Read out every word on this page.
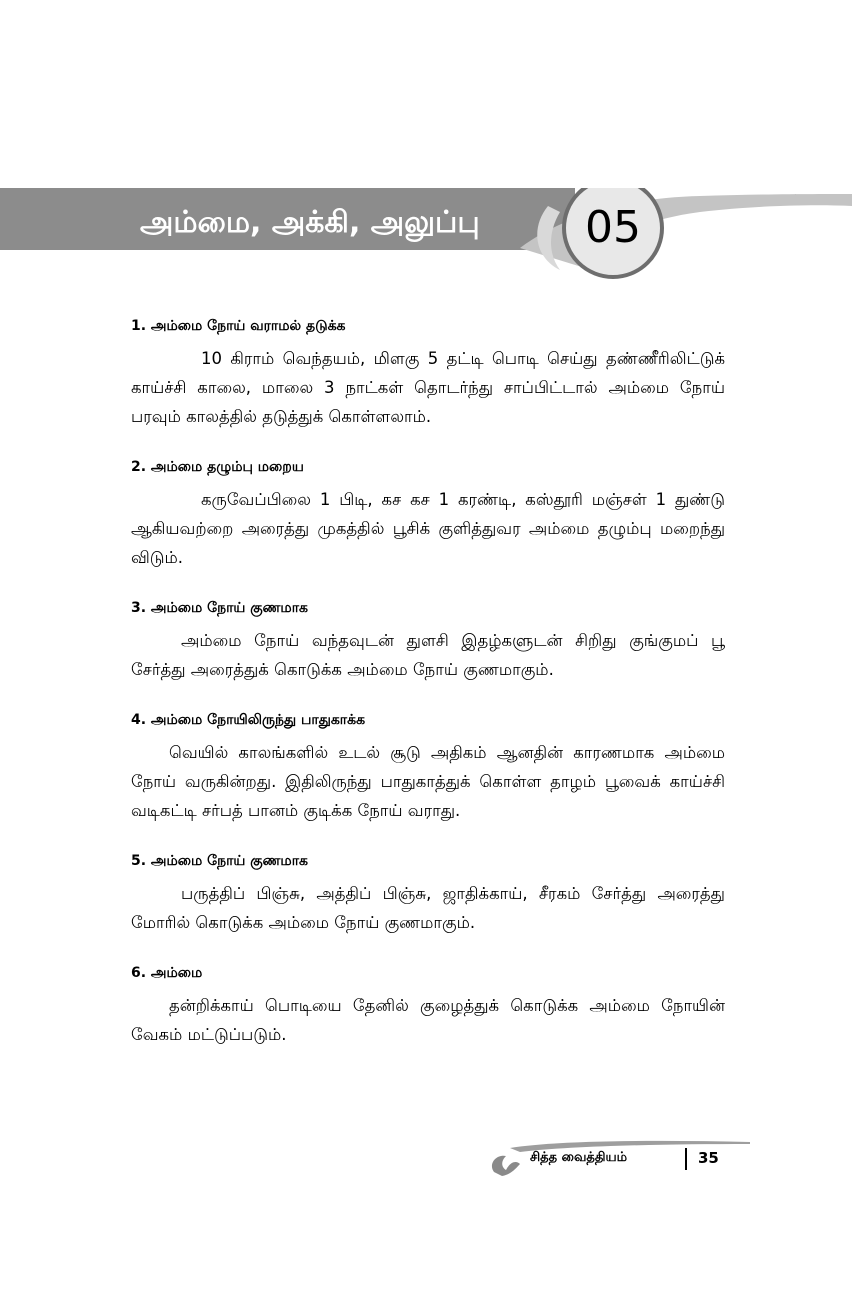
அம்மை, அக்கி, அலுப்பு	05
1. அம்மை நோய் வராமல் தடுக்க
10 கிராம் வெந்தயம், மிளகு 5 தட்டி பொடி செய்து தண்ணீரிலிட்டுக் காய்ச்சி காலை, மாலை 3 நாட்கள் தொடர்ந்து சாப்பிட்டால் அம்மை நோய் பரவும் காலத்தில் தடுத்துக் கொள்ளலாம்.
2. அம்மை தழும்பு மறைய
கருவேப்பிலை 1 பிடி, கச கச 1 கரண்டி, கஸ்தூரி மஞ்சள் 1 துண்டு ஆகியவற்றை அரைத்து முகத்தில் பூசிக் குளித்துவர அம்மை தழும்பு மறைந்து விடும்.
3. அம்மை நோய் குணமாக
அம்மை நோய் வந்தவுடன் துளசி இதழ்களுடன் சிறிது குங்குமப் பூ சேர்த்து அரைத்துக் கொடுக்க அம்மை நோய் குணமாகும்.
4. அம்மை நோயிலிருந்து பாதுகாக்க
வெயில் காலங்களில் உடல் சூடு அதிகம் ஆனதின் காரணமாக அம்மை நோய் வருகின்றது. இதிலிருந்து பாதுகாத்துக் கொள்ள தாழம் பூவைக் காய்ச்சி வடிகட்டி சர்பத் பானம் குடிக்க நோய் வராது.
5. அம்மை நோய் குணமாக
பருத்திப் பிஞ்சு, அத்திப் பிஞ்சு, ஜாதிக்காய், சீரகம் சேர்த்து அரைத்து மோரில் கொடுக்க அம்மை நோய் குணமாகும்.
6. அம்மை
தன்றிக்காய் பொடியை தேனில் குழைத்துக் கொடுக்க அம்மை நோயின் வேகம் மட்டுப்படும்.
சித்த வைத்தியம்	35
